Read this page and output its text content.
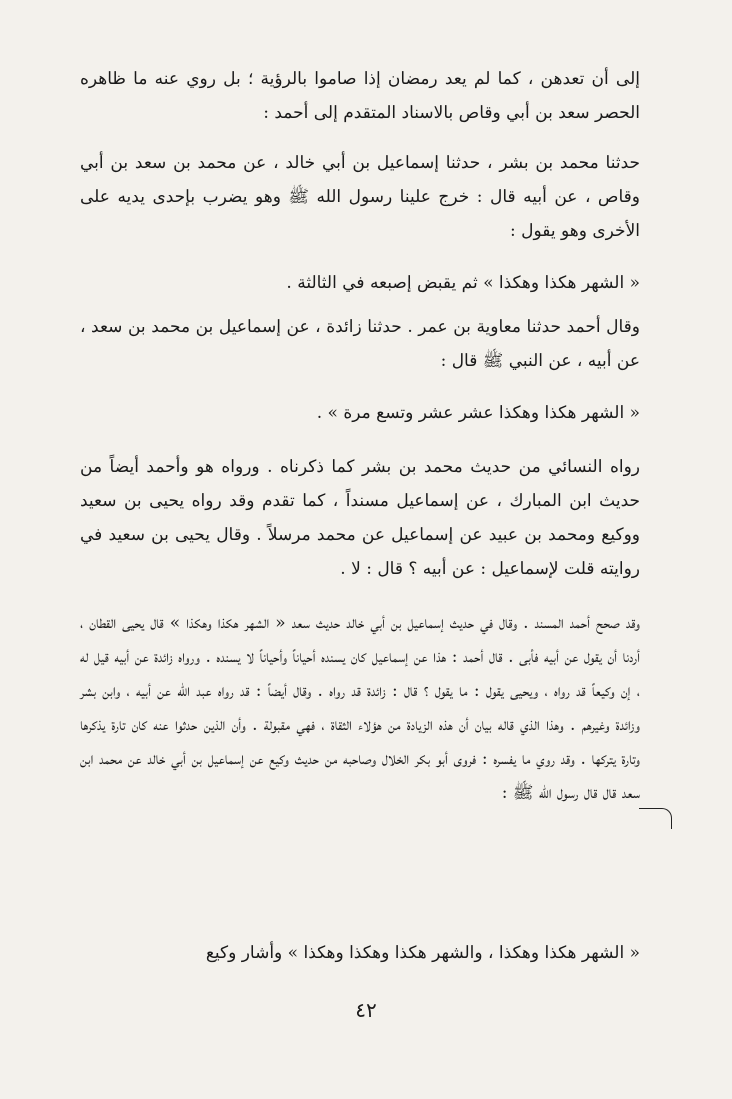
إلى أن تعدهن ، كما لم يعد رمضان إذا صاموا بالرؤية ؛ بل روي عنه ما ظاهره الحصر سعد بن أبي وقاص بالاسناد المتقدم إلى أحمد :

حدثنا محمد بن بشر ، حدثنا إسماعيل بن أبي خالد ، عن محمد بن سعد بن أبي وقاص ، عن أبيه قال : خرج علينا رسول الله ﷺ وهو يضرب بإحدى يديه على الأخرى وهو يقول :

« الشهر هكذا وهكذا » ثم يقبض إصبعه في الثالثة .

وقال أحمد حدثنا معاوية بن عمر . حدثنا زائدة ، عن إسماعيل بن محمد بن سعد ، عن أبيه ، عن النبي ﷺ قال :

« الشهر هكذا وهكذا عشر عشر وتسع مرة » .

رواه النسائي من حديث محمد بن بشر كما ذكرناه . ورواه هو وأحمد أيضاً من حديث ابن المبارك ، عن إسماعيل مسنداً ، كما تقدم وقد رواه يحيى بن سعيد ووكيع ومحمد بن عبيد عن إسماعيل عن محمد مرسلاً . وقال يحيى بن سعيد في روايته قلت لإسماعيل : عن أبيه ؟ قال : لا .

وقد صحح أحمد المسند . وقال في حديث إسماعيل بن أبي خالد حديث سعد « الشهر هكذا وهكذا » قال يحيى القطان ، أردنا أن يقول عن أبيه فأبى . قال أحمد : هذا عن إسماعيل كان يسنده أحياناً وأحياناً لا يسنده . ورواه زائدة عن أبيه قيل له ، إن وكيعاً قد رواه ، ويحيى يقول : ما يقول ؟ قال : زائدة قد رواه . وقال أيضاً : قد رواه عبد الله عن أبيه ، وابن بشر وزائدة وغيرهم . وهذا الذي قاله بيان أن هذه الزيادة من هؤلاء الثقاة ، فهي مقبولة . وأن الذين حدثوا عنه كان تارة يذكرها وتارة يتركها . وقد روي ما يفسره : فروى أبو بكر الخلال وصاحبه من حديث وكيع عن إسماعيل بن أبي خالد عن محمد ابن سعد قال قال رسول الله ﷺ :

« الشهر هكذا وهكذا ، والشهر هكذا وهكذا وهكذا » وأشار وكيع

٤٢
